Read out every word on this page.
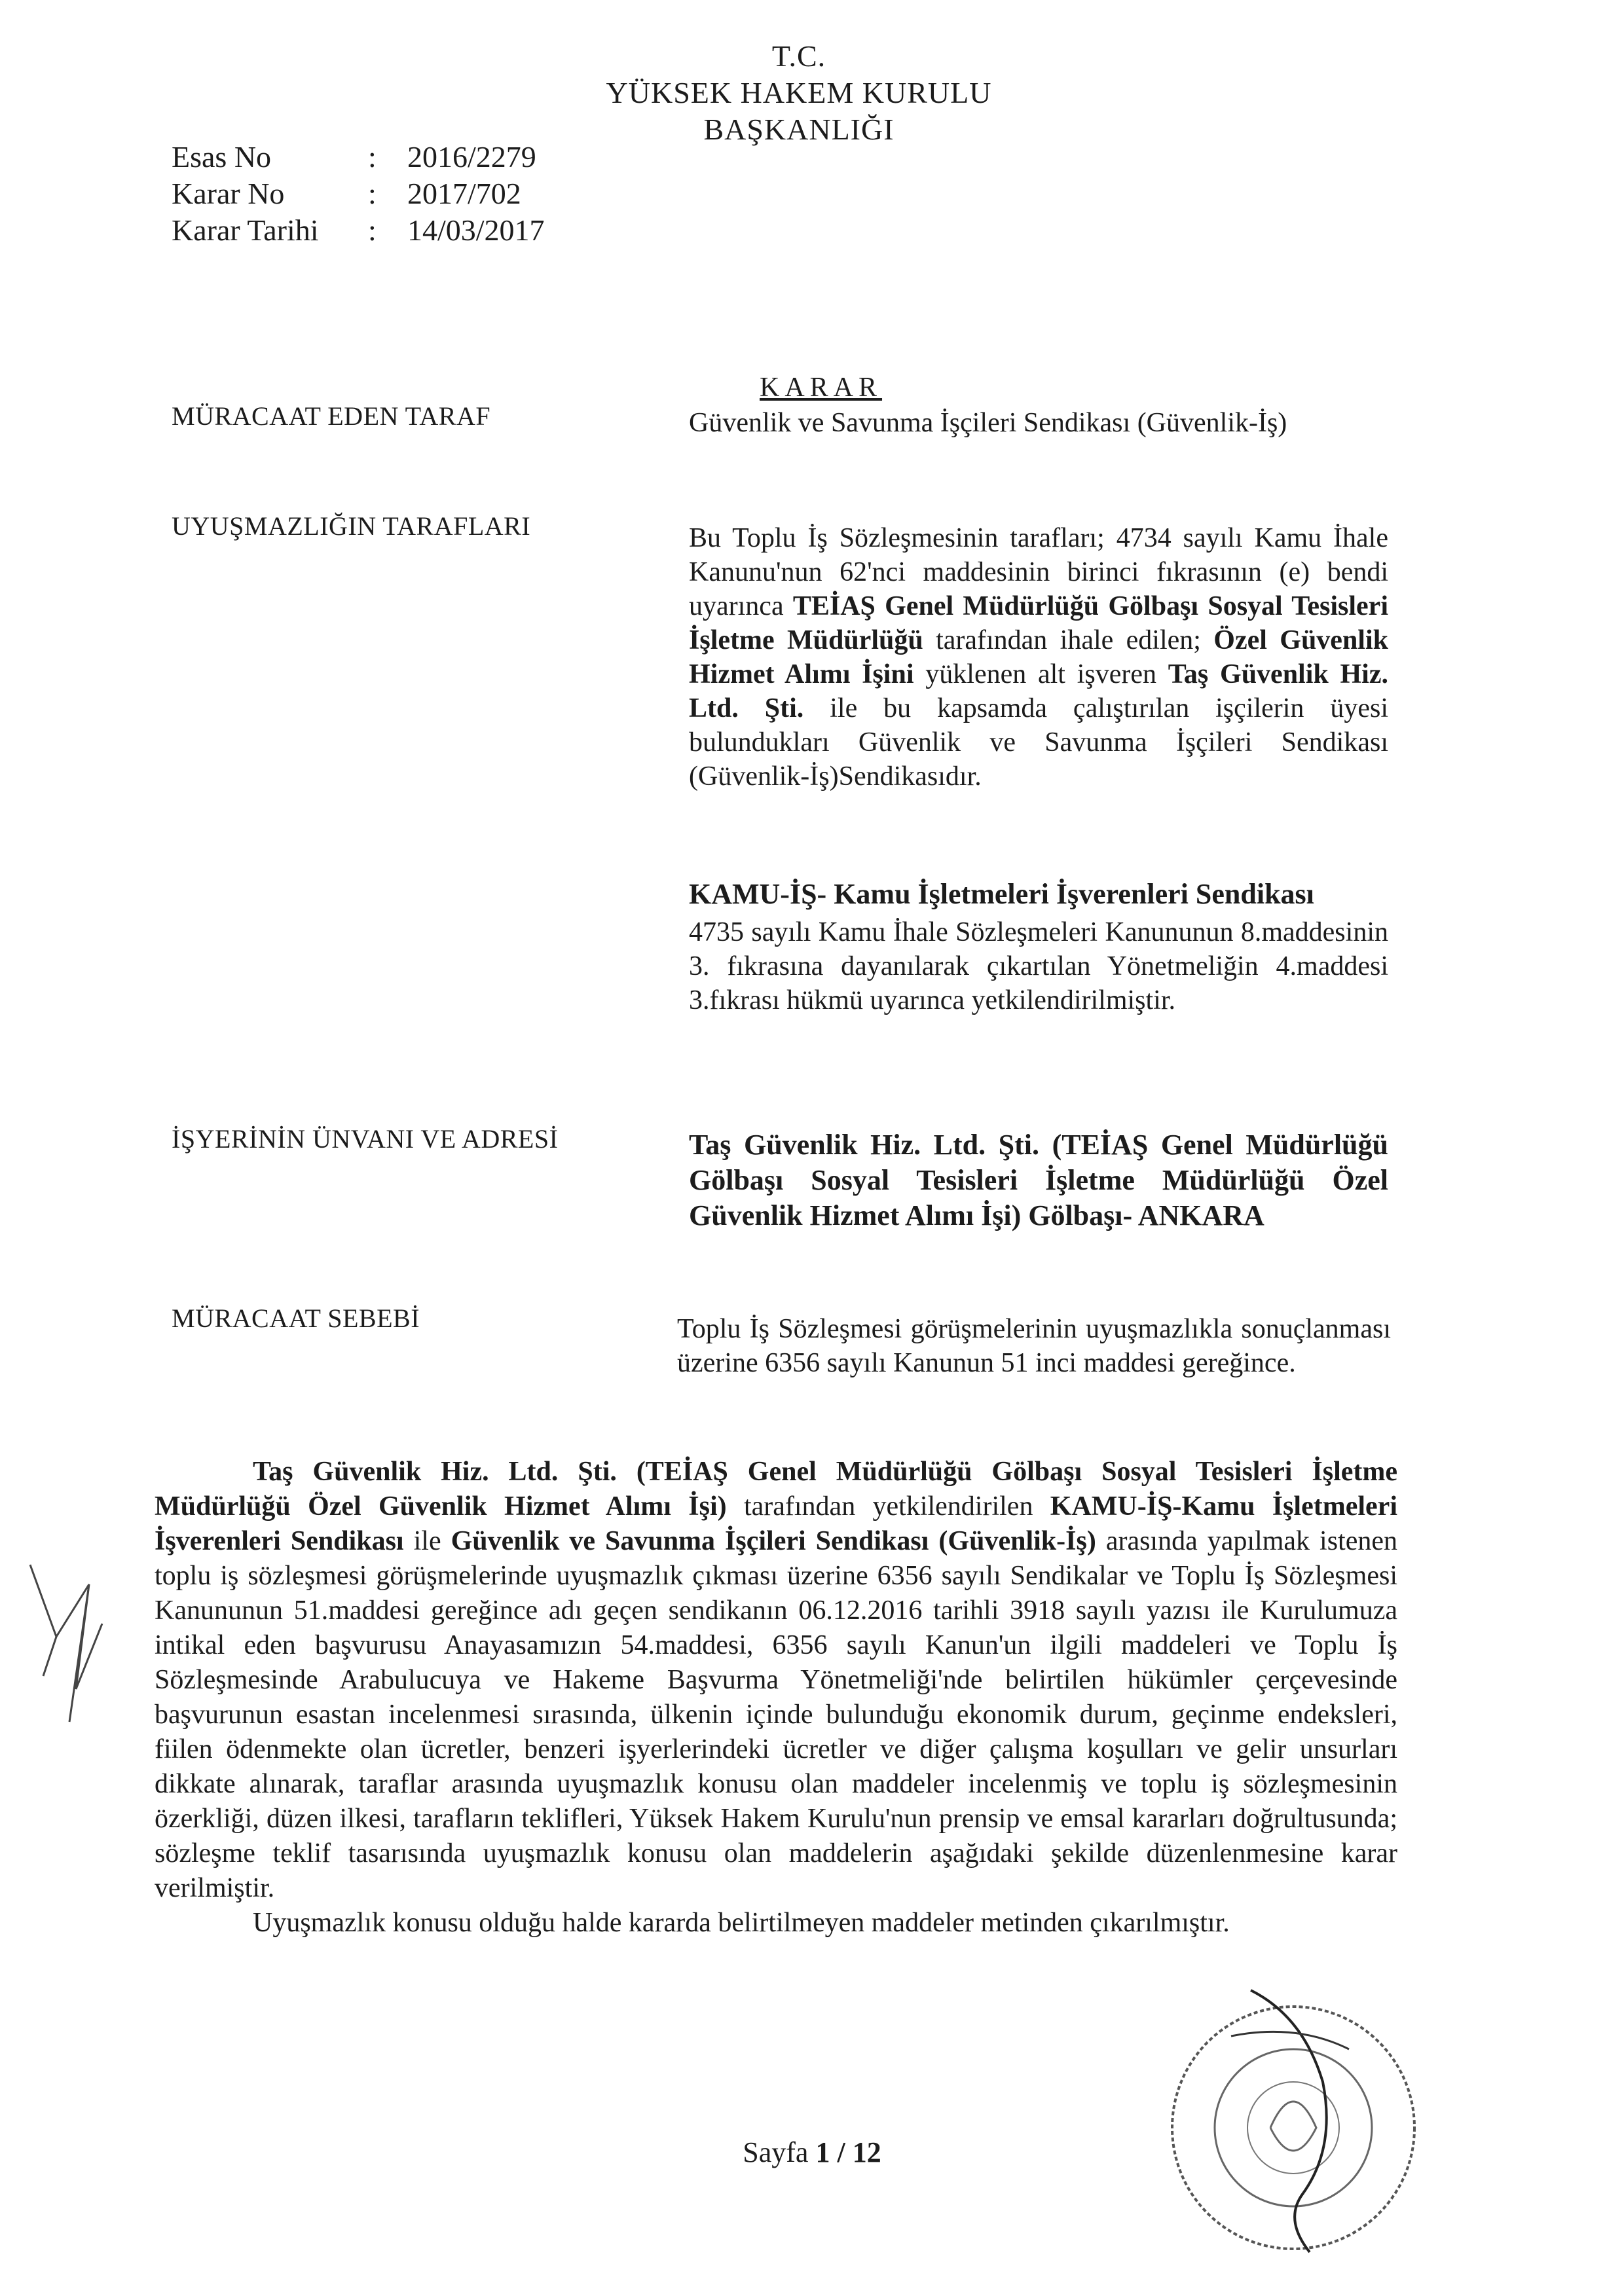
T.C.
YÜKSEK HAKEM KURULU
BAŞKANLIĞI
Esas No	:	2016/2279
Karar No	:	2017/702
Karar Tarihi	:	14/03/2017
KARAR
MÜRACAAT EDEN TARAF	Güvenlik ve Savunma İşçileri Sendikası (Güvenlik-İş)
UYUŞMAZLIĞIN TARAFLARI	Bu Toplu İş Sözleşmesinin tarafları; 4734 sayılı Kamu İhale Kanunu'nun 62'nci maddesinin birinci fıkrasının (e) bendi uyarınca TEİAŞ Genel Müdürlüğü Gölbaşı Sosyal Tesisleri İşletme Müdürlüğü tarafından ihale edilen; Özel Güvenlik Hizmet Alımı İşini yüklenen alt işveren Taş Güvenlik Hiz. Ltd. Şti. ile bu kapsamda çalıştırılan işçilerin üyesi bulundukları Güvenlik ve Savunma İşçileri Sendikası (Güvenlik-İş)Sendikasıdır.
KAMU-İŞ- Kamu İşletmeleri İşverenleri Sendikası
4735 sayılı Kamu İhale Sözleşmeleri Kanununun 8.maddesinin 3. fıkrasına dayanılarak çıkartılan Yönetmeliğin 4.maddesi 3.fıkrası hükmü uyarınca yetkilendirilmiştir.
İŞYERİNİN ÜNVANI VE ADRESİ	Taş Güvenlik Hiz. Ltd. Şti. (TEİAŞ Genel Müdürlüğü Gölbaşı Sosyal Tesisleri İşletme Müdürlüğü Özel Güvenlik Hizmet Alımı İşi) Gölbaşı- ANKARA
MÜRACAAT SEBEBİ	Toplu İş Sözleşmesi görüşmelerinin uyuşmazlıkla sonuçlanması üzerine 6356 sayılı Kanunun 51 inci maddesi gereğince.

Taş Güvenlik Hiz. Ltd. Şti. (TEİAŞ Genel Müdürlüğü Gölbaşı Sosyal Tesisleri İşletme Müdürlüğü Özel Güvenlik Hizmet Alımı İşi) tarafından yetkilendirilen KAMU-İŞ-Kamu İşletmeleri İşverenleri Sendikası ile Güvenlik ve Savunma İşçileri Sendikası (Güvenlik-İş) arasında yapılmak istenen toplu iş sözleşmesi görüşmelerinde uyuşmazlık çıkması üzerine 6356 sayılı Sendikalar ve Toplu İş Sözleşmesi Kanununun 51.maddesi gereğince adı geçen sendikanın 06.12.2016 tarihli 3918 sayılı yazısı ile Kurulumuza intikal eden başvurusu Anayasamızın 54.maddesi, 6356 sayılı Kanun'un ilgili maddeleri ve Toplu İş Sözleşmesinde Arabulucuya ve Hakeme Başvurma Yönetmeliği'nde belirtilen hükümler çerçevesinde başvurunun esastan incelenmesi sırasında, ülkenin içinde bulunduğu ekonomik durum, geçinme endeksleri, fiilen ödenmekte olan ücretler, benzeri işyerlerindeki ücretler ve diğer çalışma koşulları ve gelir unsurları dikkate alınarak, taraflar arasında uyuşmazlık konusu olan maddeler incelenmiş ve toplu iş sözleşmesinin özerkliği, düzen ilkesi, tarafların teklifleri, Yüksek Hakem Kurulu'nun prensip ve emsal kararları doğrultusunda; sözleşme teklif tasarısında uyuşmazlık konusu olan maddelerin aşağıdaki şekilde düzenlenmesine karar verilmiştir.

Uyuşmazlık konusu olduğu halde kararda belirtilmeyen maddeler metinden çıkarılmıştır.

Sayfa 1 / 12
